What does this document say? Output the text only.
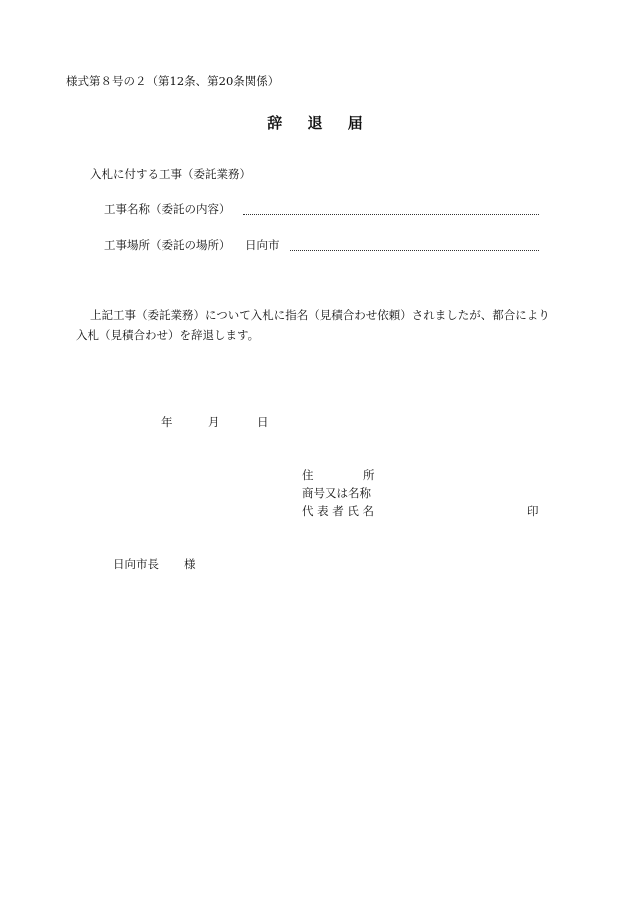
様式第８号の２（第12条、第20条関係）
辞 退 届
入札に付する工事（委託業務）
工事名称（委託の内容）
工事場所（委託の場所） 日向市
上記工事（委託業務）について入札に指名（見積合わせ依頼）されましたが、都合により
入札（見積合わせ）を辞退します。
年	月	日
住	所
商号又は名称
代 表 者 氏 名	印
日向市長 様
